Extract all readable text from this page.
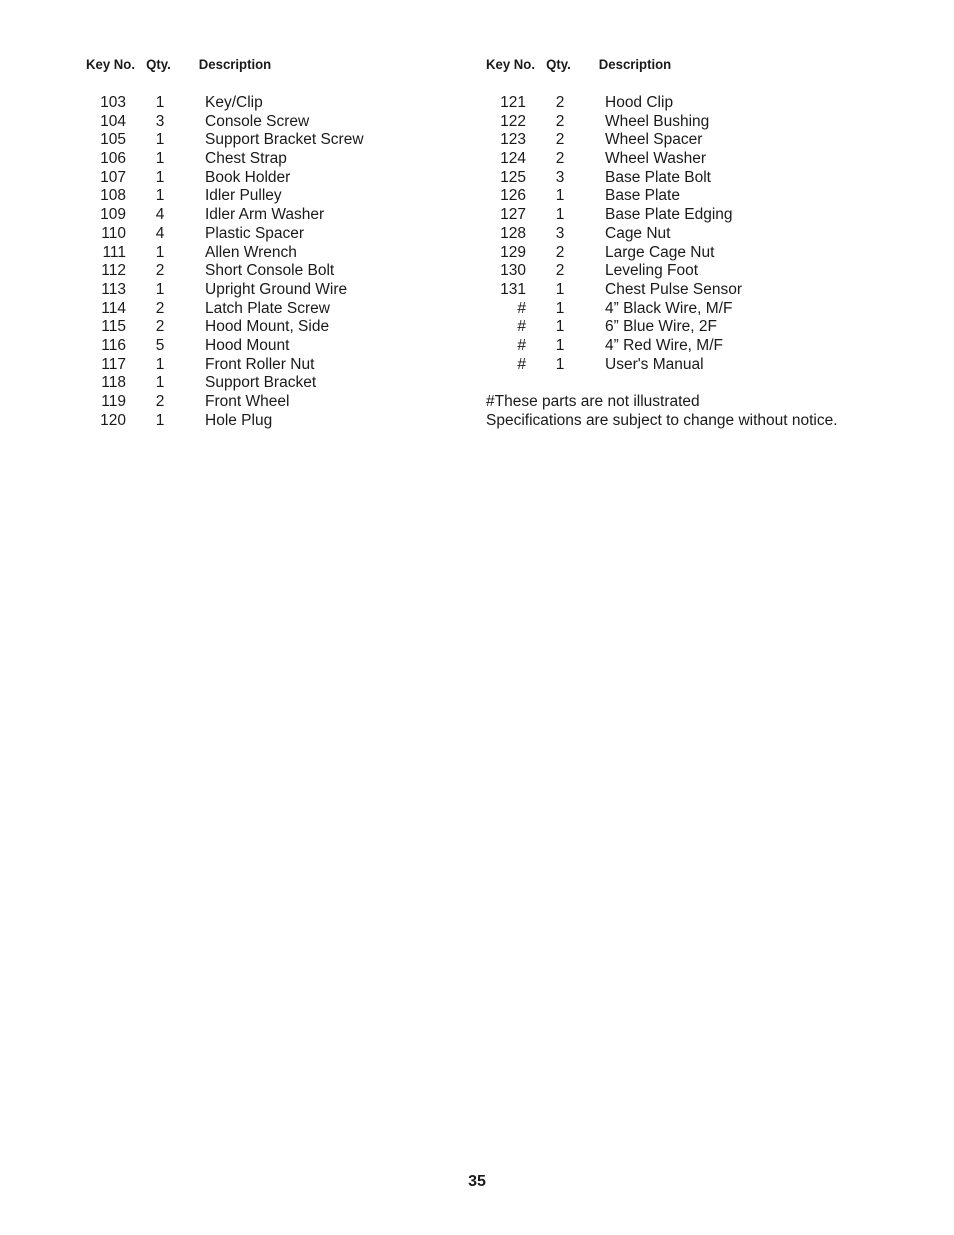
Key No. Qty. Description
103 1	Key/Clip
104 3	Console Screw
105 1	Support Bracket Screw
106 1	Chest Strap
107 1	Book Holder
108 1	Idler Pulley
109 4	Idler Arm Washer
110 4	Plastic Spacer
111 1	Allen Wrench
112 2	Short Console Bolt
113 1	Upright Ground Wire
114 2	Latch Plate Screw
115 2	Hood Mount, Side
116 5	Hood Mount
117 1	Front Roller Nut
118 1	Support Bracket
119 2	Front Wheel
120 1	Hole Plug
Key No. Qty. Description
121 2	Hood Clip
122 2	Wheel Bushing
123 2	Wheel Spacer
124 2	Wheel Washer
125 3	Base Plate Bolt
126 1	Base Plate
127 1	Base Plate Edging
128 3	Cage Nut
129 2	Large Cage Nut
130 2	Leveling Foot
131 1	Chest Pulse Sensor
# 1	4” Black Wire, M/F
# 1	6” Blue Wire, 2F
# 1	4” Red Wire, M/F
# 1	User's Manual
#These parts are not illustrated
Specifications are subject to change without notice.
35
